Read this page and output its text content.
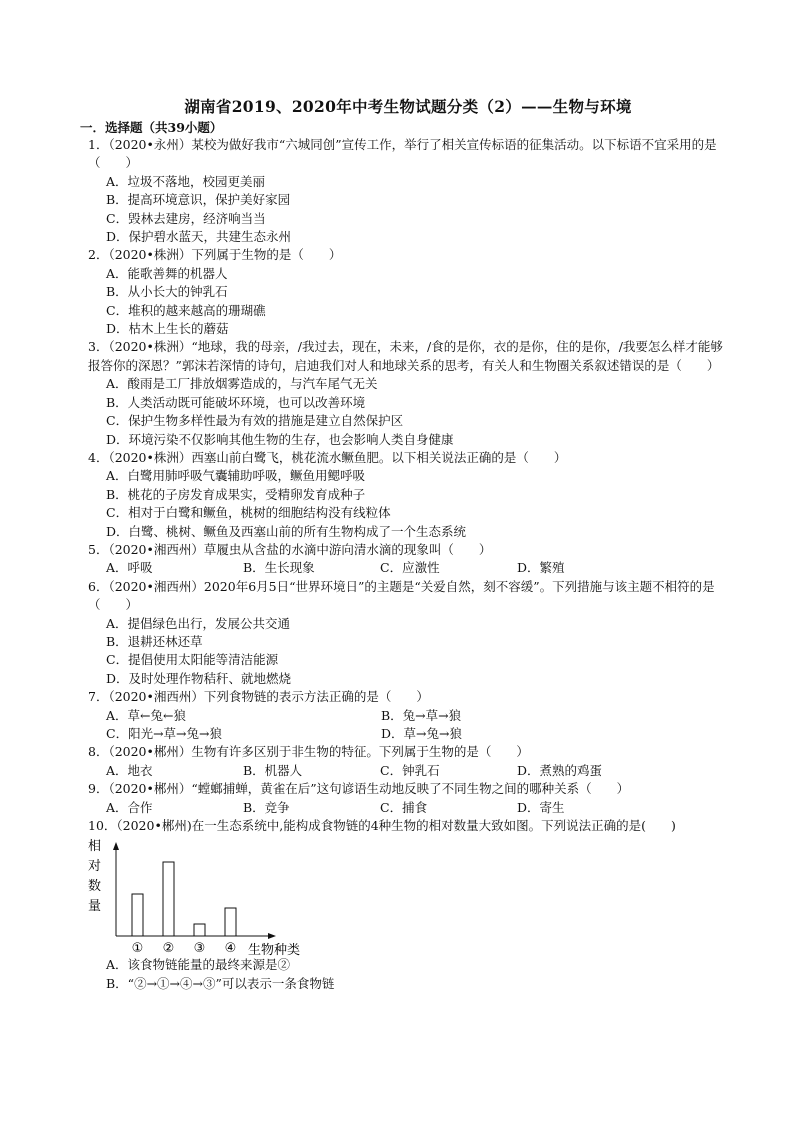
湖南省2019、2020年中考生物试题分类（2）——生物与环境
一．选择题（共39小题）
1．（2020•永州）某校为做好我市“六城同创”宣传工作，举行了相关宣传标语的征集活动。以下标语不宜采用的是（　　）
A．垃圾不落地，校园更美丽
B．提高环境意识，保护美好家园
C．毁林去建房，经济响当当
D．保护碧水蓝天，共建生态永州
2．（2020•株洲）下列属于生物的是（　　）
A．能歌善舞的机器人
B．从小长大的钟乳石
C．堆积的越来越高的珊瑚礁
D．枯木上生长的蘑菇
3．（2020•株洲）“地球，我的母亲，/我过去，现在，未来，/食的是你，衣的是你，住的是你，/我要怎么样才能够报答你的深恩？”郭沫若深情的诗句，启迪我们对人和地球关系的思考，有关人和生物圈关系叙述错误的是（　　）
A．酸雨是工厂排放烟雾造成的，与汽车尾气无关
B．人类活动既可能破坏环境，也可以改善环境
C．保护生物多样性最为有效的措施是建立自然保护区
D．环境污染不仅影响其他生物的生存，也会影响人类自身健康
4．（2020•株洲）西塞山前白鹭飞，桃花流水鳜鱼肥。以下相关说法正确的是（　　）
A．白鹭用肺呼吸气囊辅助呼吸，鳜鱼用鳃呼吸
B．桃花的子房发育成果实，受精卵发育成种子
C．相对于白鹭和鳜鱼，桃树的细胞结构没有线粒体
D．白鹭、桃树、鳜鱼及西塞山前的所有生物构成了一个生态系统
5．（2020•湘西州）草履虫从含盐的水滴中游向清水滴的现象叫（　　）
A．呼吸	B．生长现象	C．应激性	D．繁殖
6．（2020•湘西州）2020年6月5日“世界环境日”的主题是“关爱自然，刻不容缓”。下列措施与该主题不相符的是（　　）
A．提倡绿色出行，发展公共交通
B．退耕还林还草
C．提倡使用太阳能等清洁能源
D．及时处理作物秸秆、就地燃烧
7．（2020•湘西州）下列食物链的表示方法正确的是（　　）
A．草←兔←狼	B．兔→草→狼
C．阳光→草→兔→狼	D．草→兔→狼
8．（2020•郴州）生物有许多区别于非生物的特征。下列属于生物的是（　　）
A．地衣	B．机器人	C．钟乳石	D．煮熟的鸡蛋
9．（2020•郴州）“螳螂捕蝉，黄雀在后”这句谚语生动地反映了不同生物之间的哪种关系（　　）
A．合作	B．竞争	C．捕食	D．寄生
10．（2020•郴州)在一生态系统中,能构成食物链的4种生物的相对数量大致如图。下列说法正确的是(　　)
相对数量
① ② ③ ④ 生物种类
A．该食物链能量的最终来源是②
B．“②→①→④→③”可以表示一条食物链
